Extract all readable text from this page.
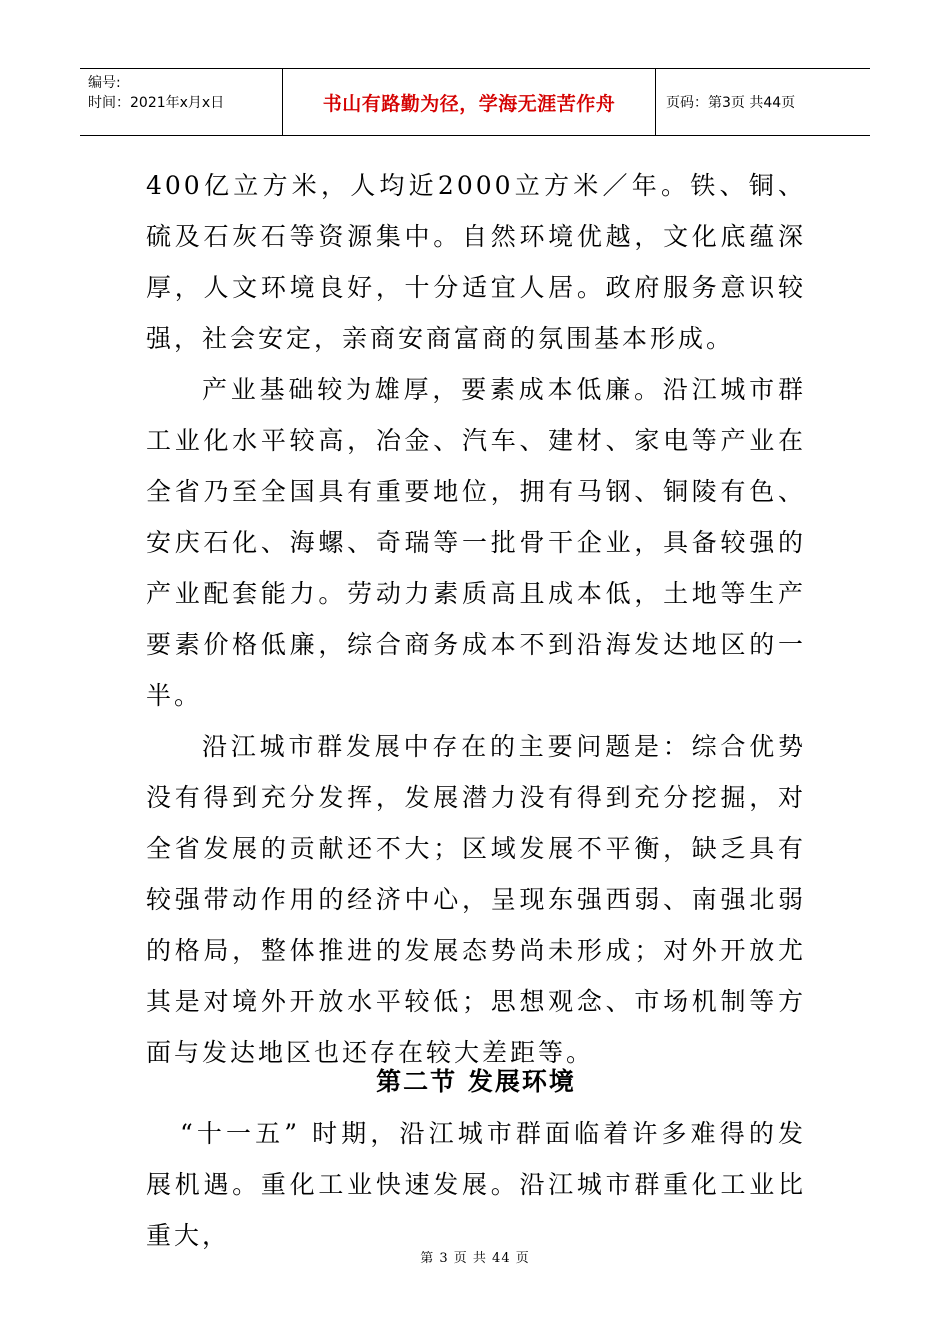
编号:
时间：2021年x月x日	书山有路勤为径，学海无涯苦作舟	页码：第3页 共44页

400亿立方米，人均近2000立方米／年。铁、铜、硫及石灰石等资源集中。自然环境优越，文化底蕴深厚，人文环境良好，十分适宜人居。政府服务意识较强，社会安定，亲商安商富商的氛围基本形成。

产业基础较为雄厚，要素成本低廉。沿江城市群工业化水平较高，冶金、汽车、建材、家电等产业在全省乃至全国具有重要地位，拥有马钢、铜陵有色、安庆石化、海螺、奇瑞等一批骨干企业，具备较强的产业配套能力。劳动力素质高且成本低，土地等生产要素价格低廉，综合商务成本不到沿海发达地区的一半。

沿江城市群发展中存在的主要问题是：综合优势没有得到充分发挥，发展潜力没有得到充分挖掘，对全省发展的贡献还不大；区域发展不平衡，缺乏具有较强带动作用的经济中心，呈现东强西弱、南强北弱的格局，整体推进的发展态势尚未形成；对外开放尤其是对境外开放水平较低；思想观念、市场机制等方面与发达地区也还存在较大差距等。

第二节 发展环境

“十一五” 时期，沿江城市群面临着许多难得的发展机遇。重化工业快速发展。沿江城市群重化工业比重大，

第 3 页 共 44 页
